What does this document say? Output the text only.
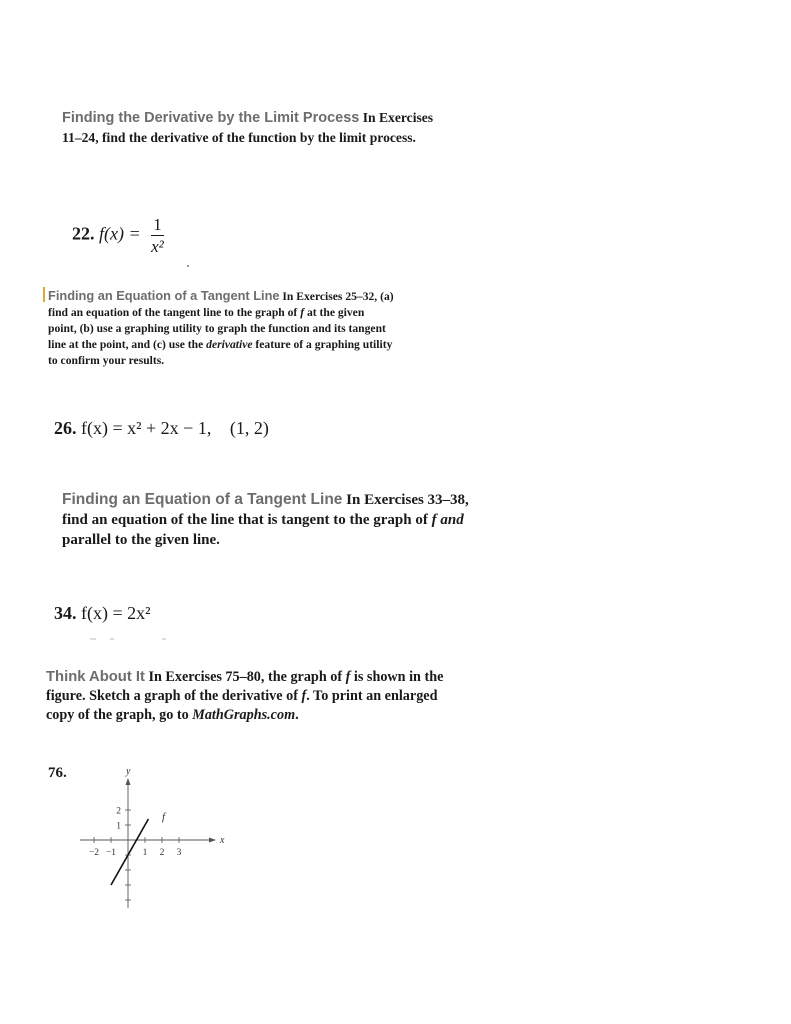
Finding the Derivative by the Limit Process In Exercises 11–24, find the derivative of the function by the limit process.
22. $f(x) = \frac{1}{\text{x²}}$
Finding an Equation of a Tangent Line In Exercises 25–32, (a) find an equation of the tangent line to the graph of f at the given point, (b) use a graphing utility to graph the function and its tangent line at the point, and (c) use the derivative feature of a graphing utility to confirm your results.
26. f(x) = x² + 2x − 1, (1, 2)
Finding an Equation of a Tangent Line In Exercises 33–38, find an equation of the line that is tangent to the graph of f and parallel to the given line.
34. f(x) = 2x²
Think About It In Exercises 75–80, the graph of f is shown in the figure. Sketch a graph of the derivative of f. To print an enlarged copy of the graph, go to MathGraphs.com.
76.
−2 −1	1 2 3
2
1
x
y
f
